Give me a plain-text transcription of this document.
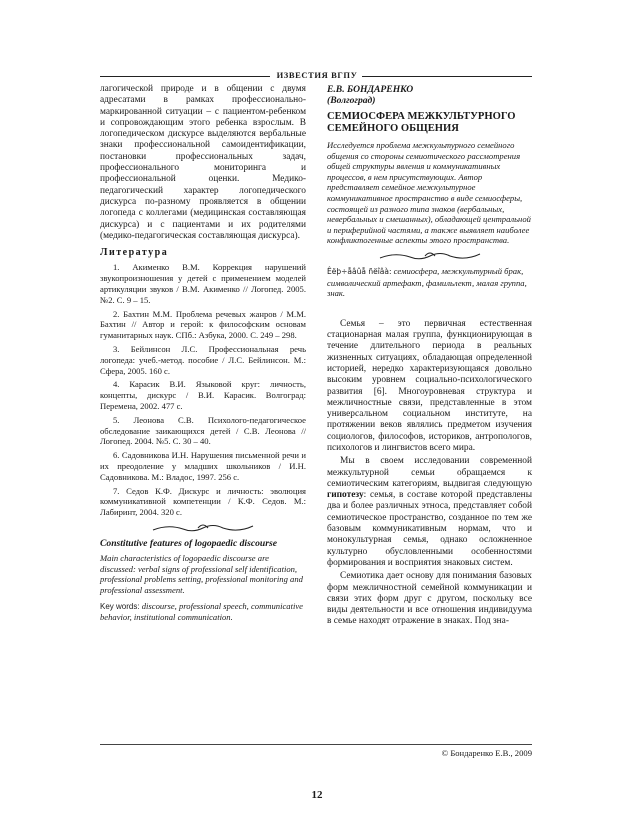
ИЗВЕСТИЯ ВГПУ

лагогической природе и в общении с двумя адресатами в рамках профессионально-маркированной ситуации – с пациентом-ребенком и сопровождающим этого ребенка взрослым. В логопедическом дискурсе выделяются вербальные знаки профессиональной самоидентификации, постановки профессиональных задач, профессионального мониторинга и профессиональной оценки. Медико-педагогический характер логопедического дискурса по-разному проявляется в общении логопеда с коллегами (медицинская составляющая дискурса) и с пациентами и их родителями (медико-педагогическая составляющая дискурса).

Литература

1. Акименко В.М. Коррекция нарушений звукопроизношения у детей с применением моделей артикуляции звуков / В.М. Акименко // Логопед. 2005. №2. С. 9 – 15.

2. Бахтин М.М. Проблема речевых жанров / М.М. Бахтин // Автор и герой: к философским основам гуманитарных наук. СПб.: Азбука, 2000. С. 249 – 298.

3. Бейлинсон Л.С. Профессиональная речь логопеда: учеб.-метод. пособие / Л.С. Бейлинсон. М.: Сфера, 2005. 160 с.

4. Карасик В.И. Языковой круг: личность, концепты, дискурс / В.И. Карасик. Волгоград: Перемена, 2002. 477 с.

5. Леонова С.В. Психолого-педагогическое обследование заикающихся детей / С.В. Леонова // Логопед. 2004. №5. С. 30 – 40.

6. Садовникова И.Н. Нарушения письменной речи и их преодоление у младших школьников / И.Н. Садовникова. М.: Владос, 1997. 256 с.

7. Седов К.Ф. Дискурс и личность: эволюция коммуникативной компетенции / К.Ф. Седов. М.: Лабиринт, 2004. 320 с.

Constitutive features of logopaedic discourse

Main characteristics of logopaedic discourse are discussed: verbal signs of professional self identification, professional problems setting, professional monitoring and professional assessment.

Key words: discourse, professional speech, communicative behavior, institutional communication.

Е.В. БОНДАРЕНКО

(Волгоград)

СЕМИОСФЕРА МЕЖКУЛЬТУРНОГО СЕМЕЙНОГО ОБЩЕНИЯ

Исследуется проблема межкультурного семейного общения со стороны семиотического рассмотрения общей структуры явления и коммуникативных процессов, в нем присутствующих. Автор представляет семейное межкультурное коммуникативное пространство в виде семиосферы, состоящей из разного типа знаков (вербальных, невербальных и смешанных), обладающей центральной и периферийной частями, а также выявляет наиболее конфликтогенные аспекты этого пространства.

Êëþ÷åâûå ñëîâà: семиосфера, межкультурный брак, символический артефакт, фамильлект, малая группа, знак.

Семья – это первичная естественная стационарная малая группа, функционирующая в течение длительного периода в реальных жизненных ситуациях, обладающая определенной историей, нередко характеризующаяся довольно высоким уровнем социально-психологического развития [6]. Многоуровневая структура и межличностные связи, представленные в этом универсальном социальном институте, на протяжении веков являлись предметом изучения социологов, философов, историков, антропологов, психологов и лингвистов всего мира.

Мы в своем исследовании современной межкультурной семьи обращаемся к семиотическим категориям, выдвигая следующую гипотезу: семья, в составе которой представлены два и более различных этноса, представляет собой семиотическое пространство, созданное по тем же базовым коммуникативным нормам, что и монокультурная семья, однако осложненное культурно обусловленными особенностями формирования и восприятия знаковых систем.

Семиотика дает основу для понимания базовых форм межличностной семейной коммуникации и связи этих форм друг с другом, поскольку все виды деятельности и все отношения индивидуума в семье находят отражение в знаках. Под зна-

© Бондаренко Е.В., 2009
12
